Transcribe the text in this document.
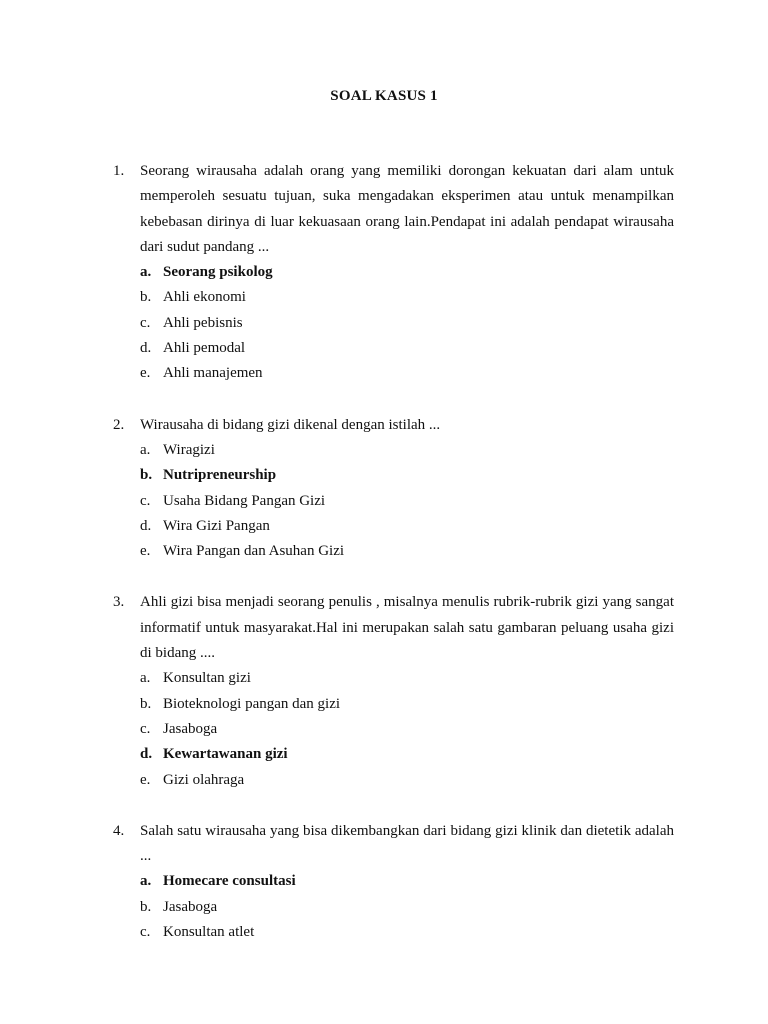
SOAL KASUS 1
1.	Seorang wirausaha adalah orang yang memiliki dorongan kekuatan dari alam untuk memperoleh sesuatu tujuan, suka mengadakan eksperimen atau untuk menampilkan kebebasan dirinya di luar kekuasaan orang lain.Pendapat ini adalah pendapat wirausaha dari sudut pandang ...
a. Seorang psikolog
b. Ahli ekonomi
c. Ahli pebisnis
d. Ahli pemodal
e. Ahli manajemen
2.	Wirausaha di bidang gizi dikenal dengan istilah ...
a. Wiragizi
b. Nutripreneurship
c. Usaha Bidang Pangan Gizi
d. Wira Gizi Pangan
e. Wira Pangan dan Asuhan Gizi
3.	Ahli gizi bisa menjadi seorang penulis , misalnya menulis rubrik-rubrik gizi yang sangat informatif untuk masyarakat.Hal ini merupakan salah satu gambaran peluang usaha gizi di bidang ....
a. Konsultan gizi
b. Bioteknologi pangan dan gizi
c. Jasaboga
d. Kewartawanan gizi
e. Gizi olahraga
4.	Salah satu wirausaha yang bisa dikembangkan dari bidang gizi klinik dan dietetik adalah ...
a. Homecare consultasi
b. Jasaboga
c. Konsultan atlet
